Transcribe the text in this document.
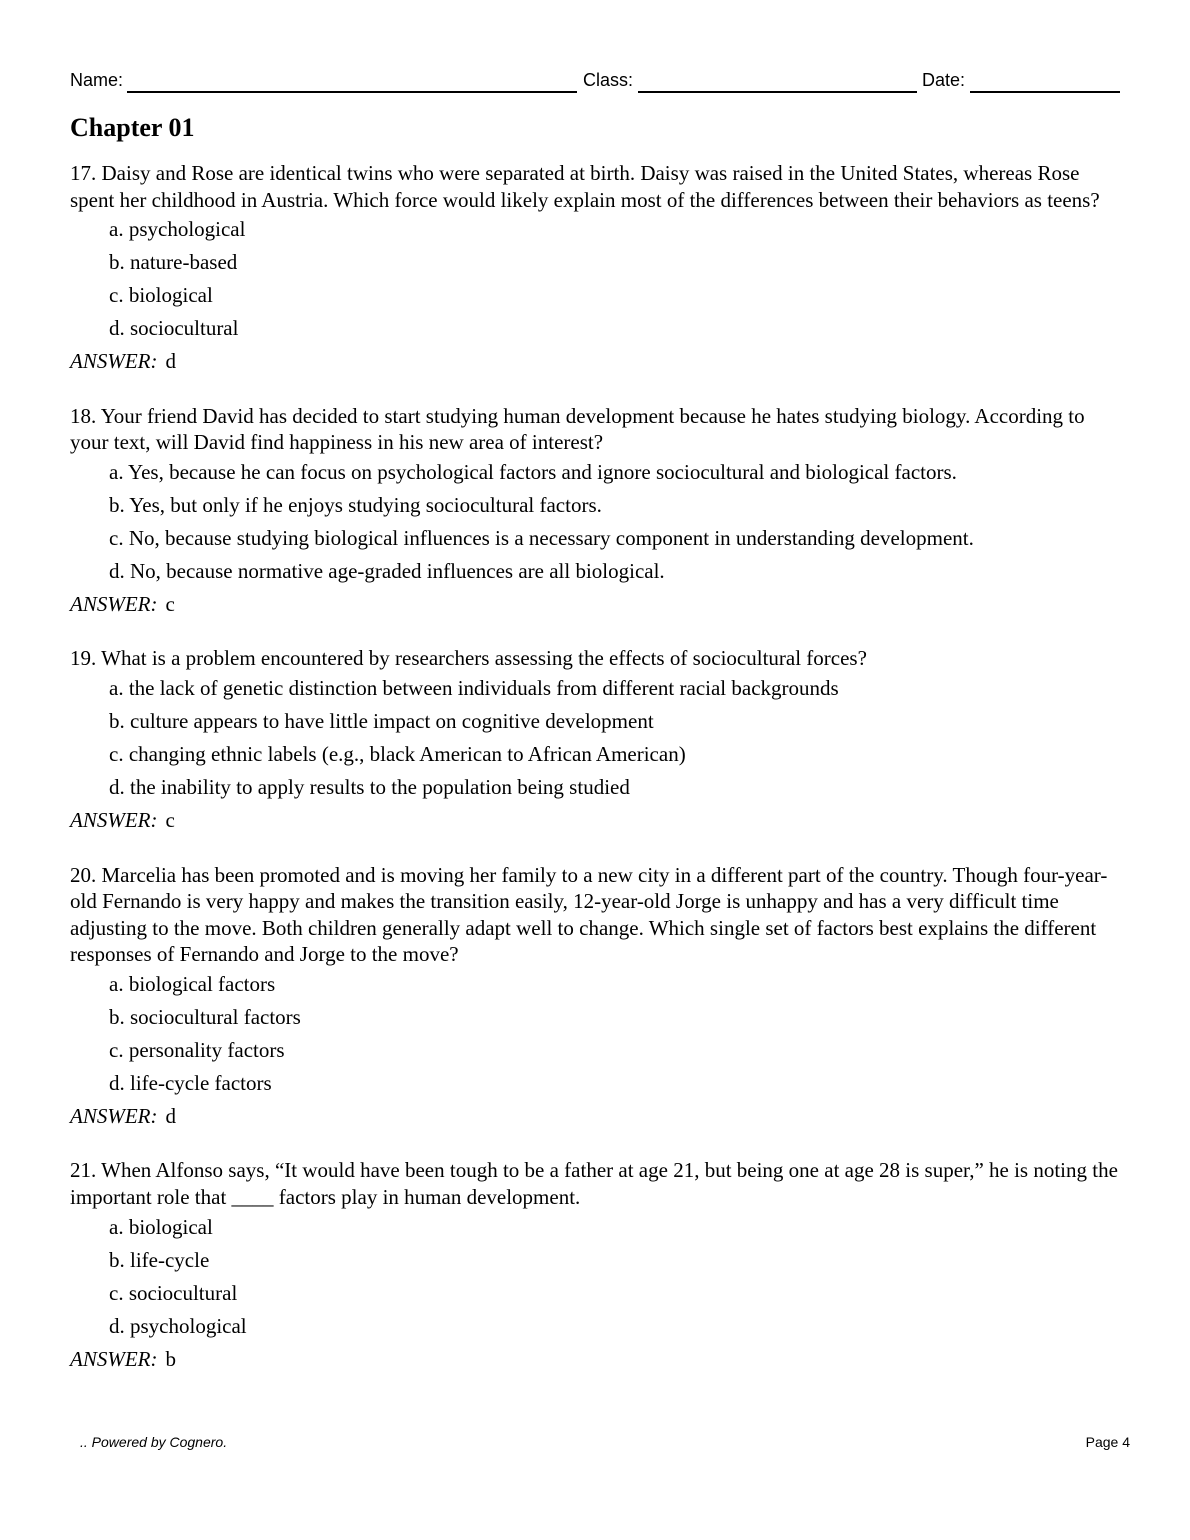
Name:	Class:	Date:
Chapter 01

17. Daisy and Rose are identical twins who were separated at birth. Daisy was raised in the United States, whereas Rose spent her childhood in Austria. Which force would likely explain most of the differences between their behaviors as teens?

a. psychological
b. nature-based
c. biological
d. sociocultural

ANSWER: d

18. Your friend David has decided to start studying human development because he hates studying biology. According to your text, will David find happiness in his new area of interest?

a. Yes, because he can focus on psychological factors and ignore sociocultural and biological factors.
b. Yes, but only if he enjoys studying sociocultural factors.
c. No, because studying biological influences is a necessary component in understanding development.
d. No, because normative age-graded influences are all biological.

ANSWER: c

19. What is a problem encountered by researchers assessing the effects of sociocultural forces?

a. the lack of genetic distinction between individuals from different racial backgrounds
b. culture appears to have little impact on cognitive development
c. changing ethnic labels (e.g., black American to African American)
d. the inability to apply results to the population being studied

ANSWER: c

20. Marcelia has been promoted and is moving her family to a new city in a different part of the country. Though four-year-old Fernando is very happy and makes the transition easily, 12-year-old Jorge is unhappy and has a very difficult time adjusting to the move. Both children generally adapt well to change. Which single set of factors best explains the different responses of Fernando and Jorge to the move?

a. biological factors
b. sociocultural factors
c. personality factors
d. life-cycle factors

ANSWER: d

21. When Alfonso says, “It would have been tough to be a father at age 21, but being one at age 28 is super,” he is noting the important role that ____ factors play in human development.

a. biological
b. life-cycle
c. sociocultural
d. psychological

ANSWER: b

.. Powered by Cognero.	Page 4
